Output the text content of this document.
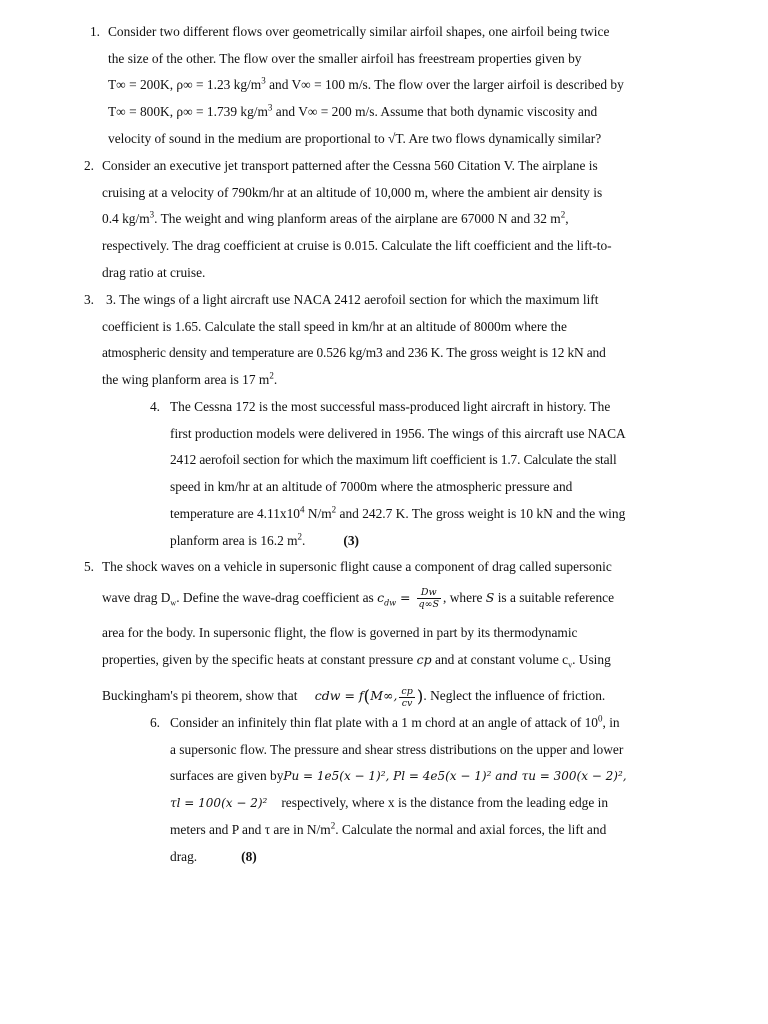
1. Consider two different flows over geometrically similar airfoil shapes, one airfoil being twice

the size of the other. The flow over the smaller airfoil has freestream properties given by

T∞ = 200K, ρ∞ = 1.23 $kg/m^3$ and V∞ = 100 m/s. The flow over the larger airfoil is described by

T∞ = 800K, ρ∞ = 1.739 $kg/m^3$ and V∞ = 200 m/s. Assume that both dynamic viscosity and

velocity of sound in the medium are proportional to √T. Are two flows dynamically similar?

2. Consider an executive jet transport patterned after the Cessna 560 Citation V. The airplane is

cruising at a velocity of 790km/hr at an altitude of 10,000 m, where the ambient air density is

0.4 $kg/m^3$. The weight and wing planform areas of the airplane are 67000 N and 32 $m^2$,

respectively. The drag coefficient at cruise is 0.015. Calculate the lift coefficient and the lift-to-

drag ratio at cruise.

3. 3. The wings of a light aircraft use NACA 2412 aerofoil section for which the maximum lift

coefficient is 1.65. Calculate the stall speed in km/hr at an altitude of 8000m where the

atmospheric density and temperature are 0.526 kg/m3 and 236 K. The gross weight is 12 kN and

the wing planform area is 17 $m^2$.

4. The Cessna 172 is the most successful mass-produced light aircraft in history. The

first production models were delivered in 1956. The wings of this aircraft use NACA

2412 aerofoil section for which the maximum lift coefficient is 1.7. Calculate the stall

speed in km/hr at an altitude of 7000m where the atmospheric pressure and

temperature are $4.11x10^4$ $N/m^2$ and 242.7 K. The gross weight is 10 kN and the wing

planform area is 16.2 $m^2$.	(3)

5. The shock waves on a vehicle in supersonic flight cause a component of drag called supersonic

wave drag $D_w$. Define the wave-drag coefficient as $c_{dw} = \frac{Dw}{q\infty S}$ , where S is a suitable reference

area for the body. In supersonic flight, the flow is governed in part by its thermodynamic

properties, given by the specific heats at constant pressure cp and at constant volume $c_v$. Using

Buckingham's pi theorem, show that cdw = f(M∞, $\frac{cp}{cv}$ ). Neglect the influence of friction.

6. Consider an infinitely thin flat plate with a 1 m chord at an angle of attack of $10^0$, in

a supersonic flow. The pressure and shear stress distributions on the upper and lower

surfaces are given byPu = 1e5(x − 1)², Pl = 4e5(x − 1)² and τu = 300(x − 2)²,

τl = 100(x − 2)² respectively, where x is the distance from the leading edge in

meters and P and τ are in $N/m^2$. Calculate the normal and axial forces, the lift and

drag.	(8)
